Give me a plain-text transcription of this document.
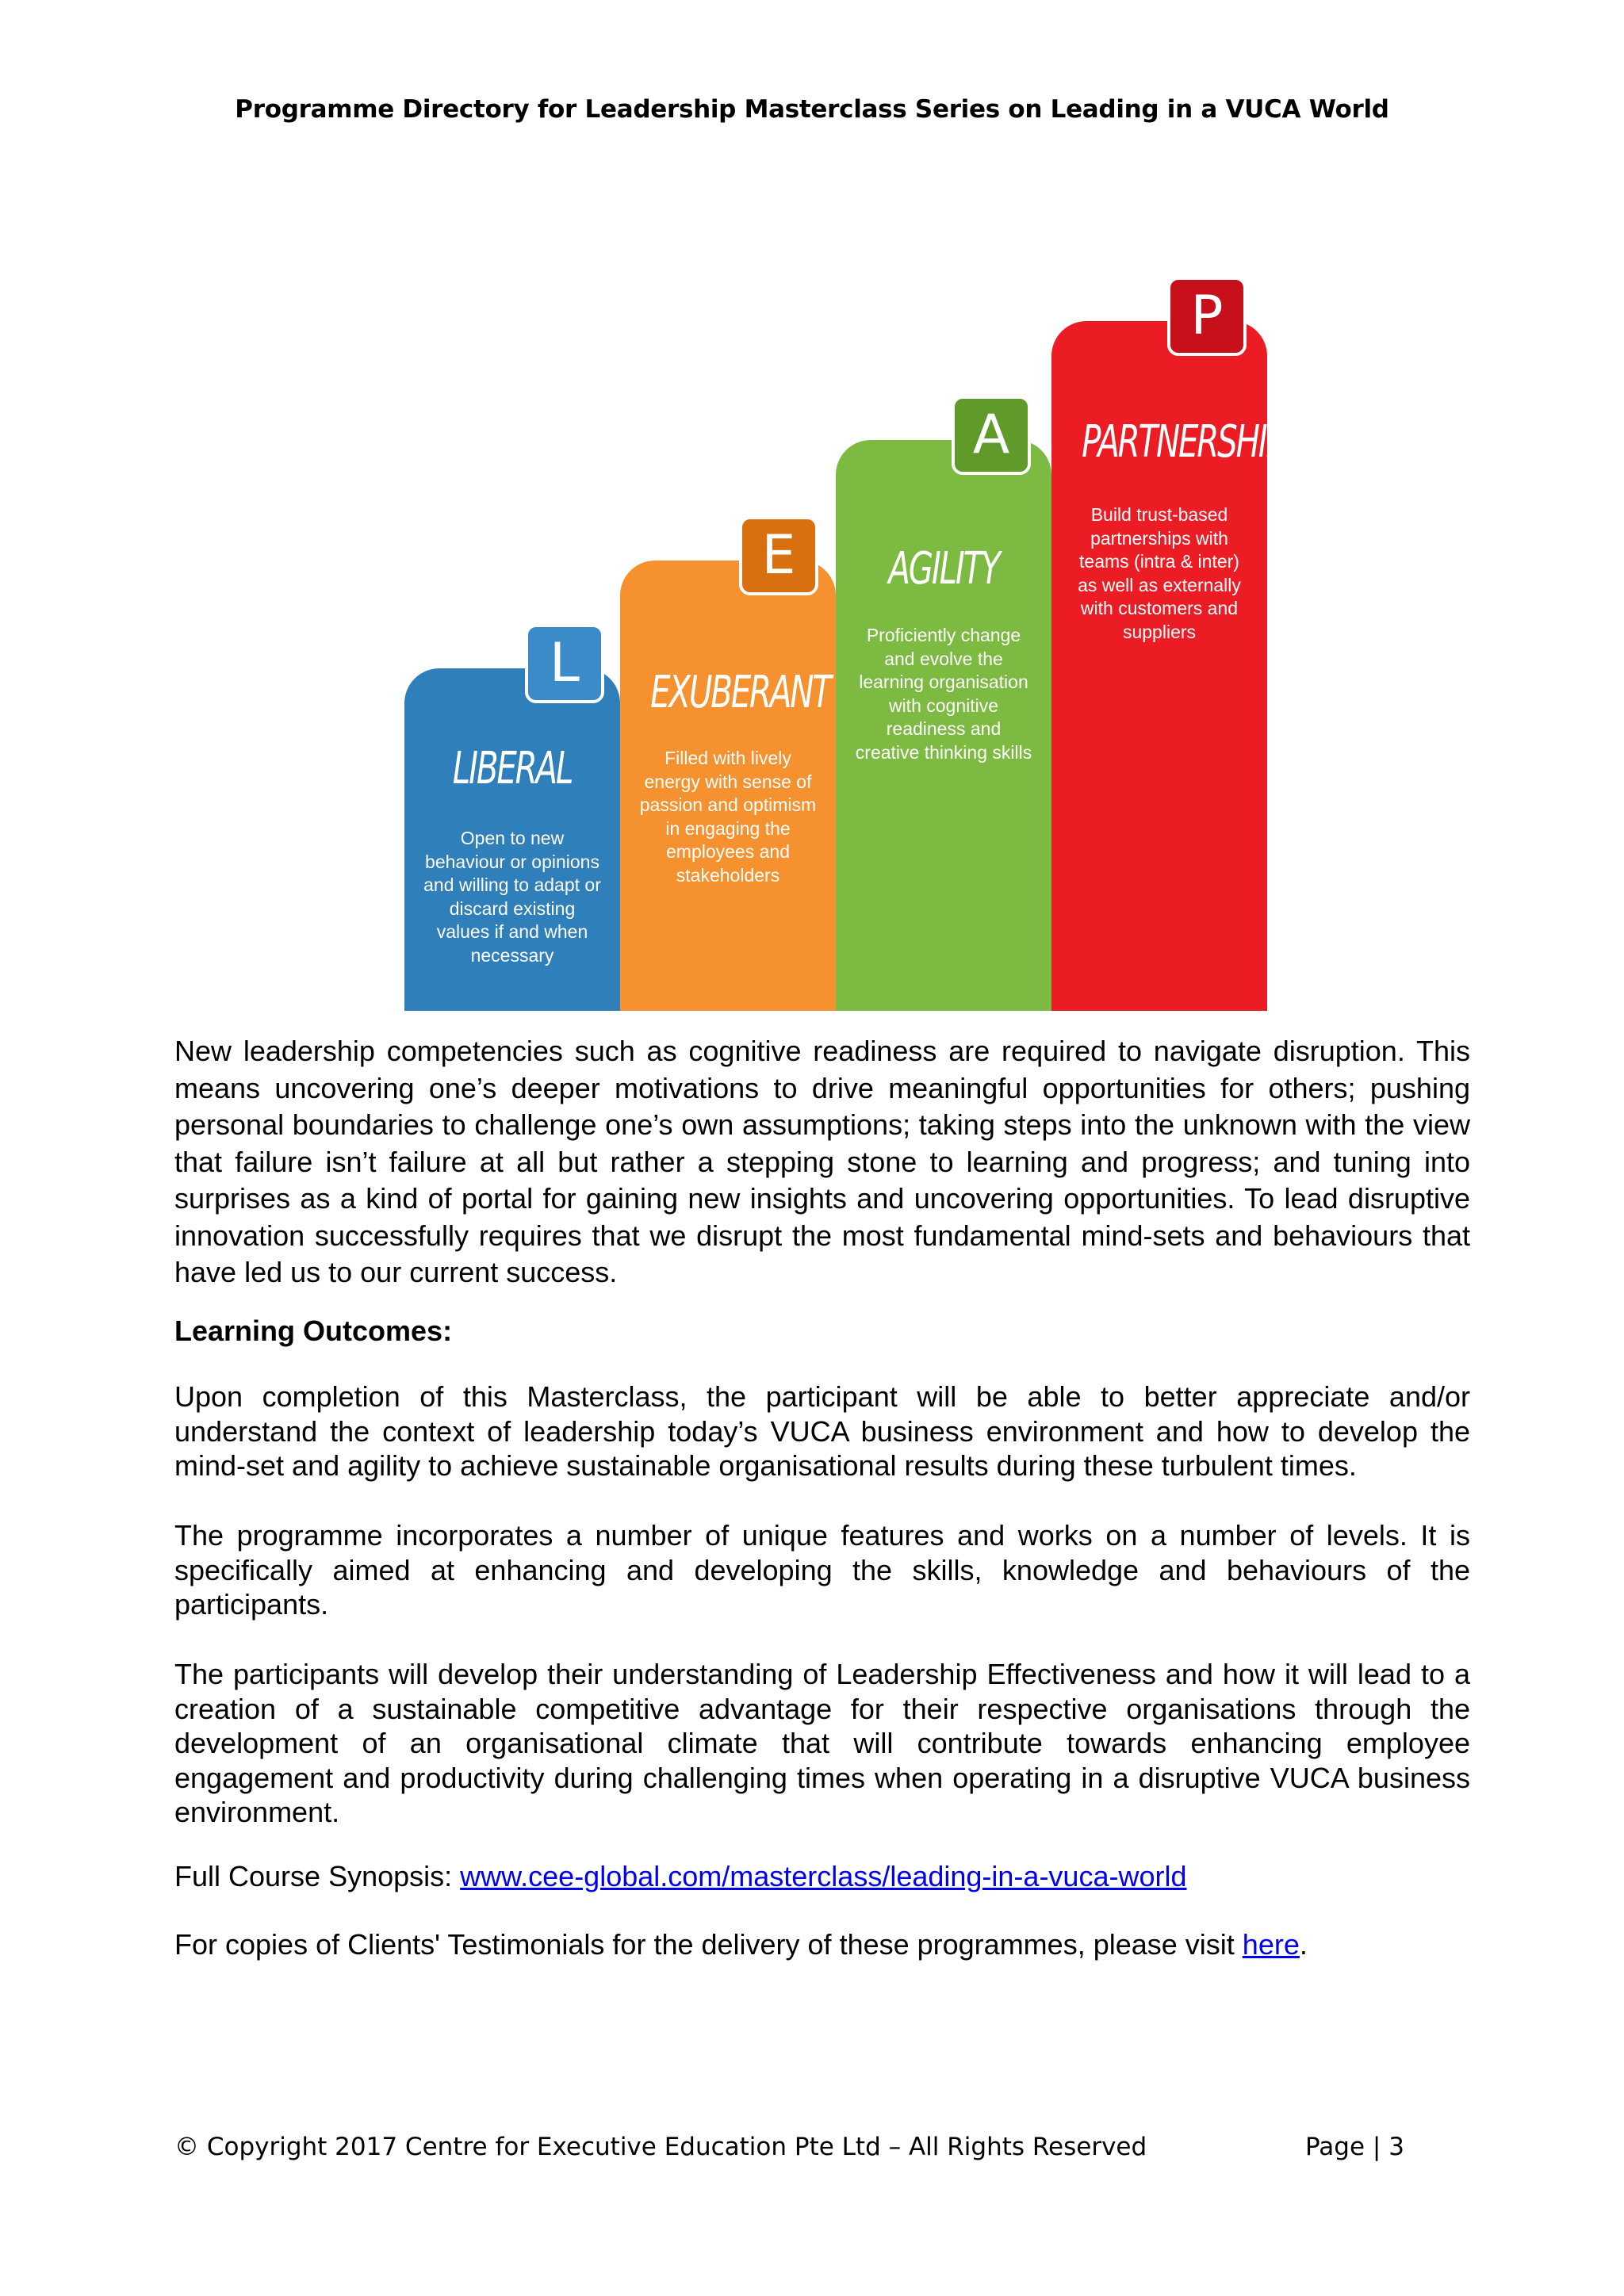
Programme Directory for Leadership Masterclass Series on Leading in a VUCA World
L
LIBERAL
Open to new behaviour or opinions and willing to adapt or discard existing values if and when necessary
E
EXUBERANT
Filled with lively energy with sense of passion and optimism in engaging the employees and stakeholders
A
AGILITY
Proficiently change and evolve the learning organisation with cognitive readiness and creative thinking skills
P
PARTNERSHIP
Build trust-based partnerships with teams (intra & inter) as well as externally with customers and suppliers

New leadership competencies such as cognitive readiness are required to navigate disruption. This means uncovering one’s deeper motivations to drive meaningful opportunities for others; pushing personal boundaries to challenge one’s own assumptions; taking steps into the unknown with the view that failure isn’t failure at all but rather a stepping stone to learning and progress; and tuning into surprises as a kind of portal for gaining new insights and uncovering opportunities. To lead disruptive innovation successfully requires that we disrupt the most fundamental mind-sets and behaviours that have led us to our current success.

Learning Outcomes:

Upon completion of this Masterclass, the participant will be able to better appreciate and/or understand the context of leadership today’s VUCA business environment and how to develop the mind-set and agility to achieve sustainable organisational results during these turbulent times.

The programme incorporates a number of unique features and works on a number of levels. It is specifically aimed at enhancing and developing the skills, knowledge and behaviours of the participants.

The participants will develop their understanding of Leadership Effectiveness and how it will lead to a creation of a sustainable competitive advantage for their respective organisations through the development of an organisational climate that will contribute towards enhancing employee engagement and productivity during challenging times when operating in a disruptive VUCA business environment.

Full Course Synopsis: www.cee-global.com/masterclass/leading-in-a-vuca-world

For copies of Clients' Testimonials for the delivery of these programmes, please visit here.

© Copyright 2017 Centre for Executive Education Pte Ltd – All Rights Reserved	Page | 3
